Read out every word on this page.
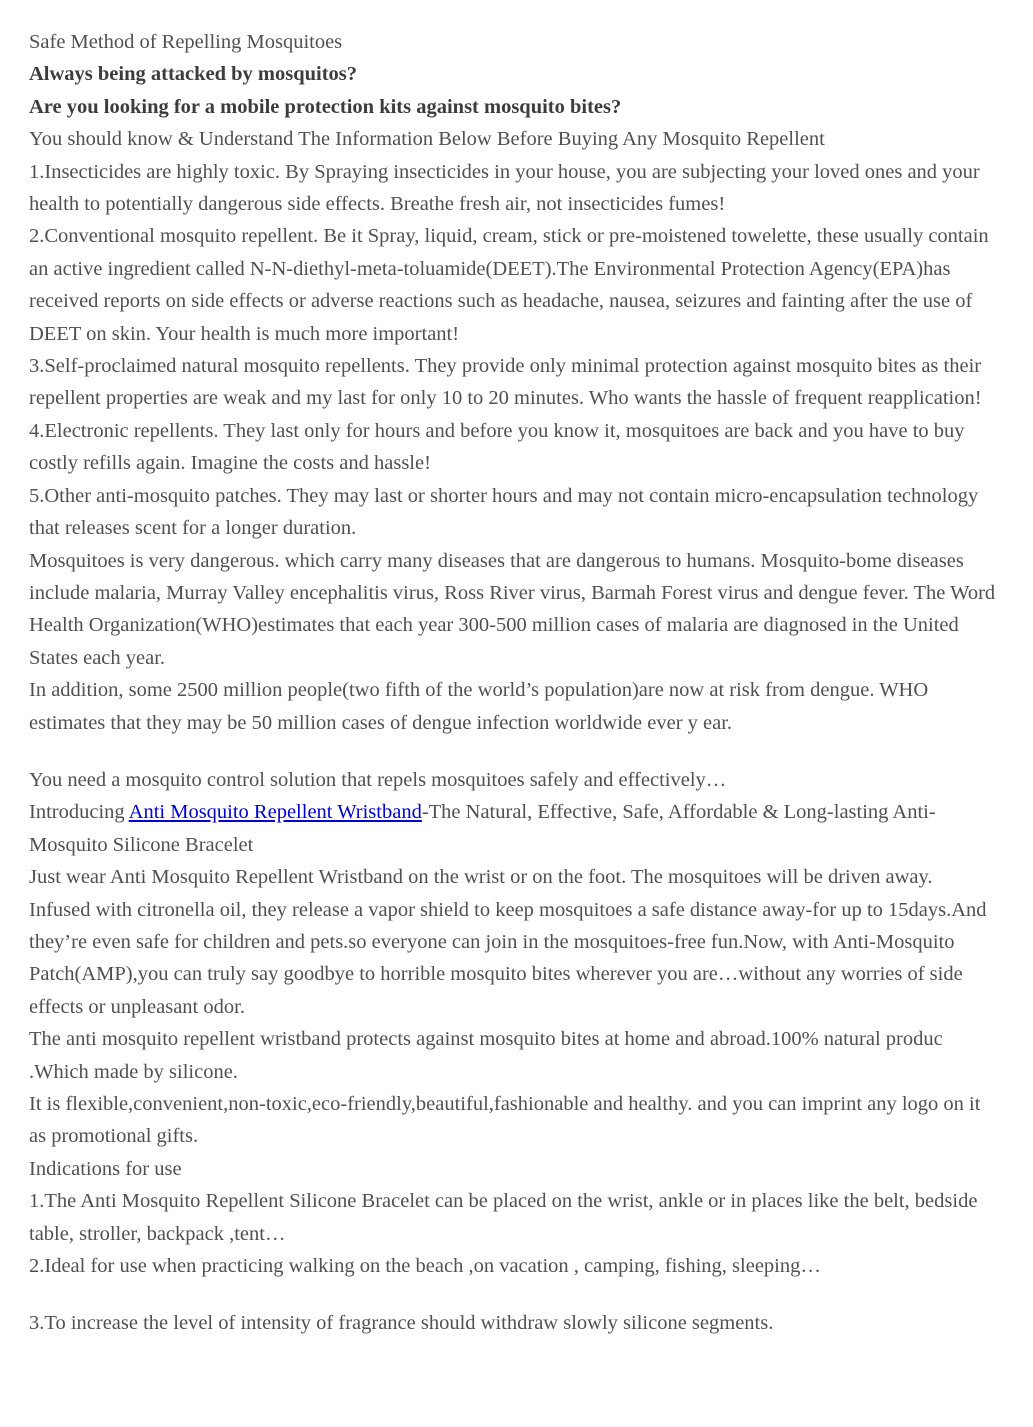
Safe Method of Repelling Mosquitoes

Always being attacked by mosquitos?

Are you looking for a mobile protection kits against mosquito bites?

You should know & Understand The Information Below Before Buying Any Mosquito Repellent

1.Insecticides are highly toxic. By Spraying insecticides in your house, you are subjecting your loved ones and your health to potentially dangerous side effects. Breathe fresh air, not insecticides fumes!

2.Conventional mosquito repellent. Be it Spray, liquid, cream, stick or pre-moistened towelette, these usually contain an active ingredient called N-N-diethyl-meta-toluamide(DEET).The Environmental Protection Agency(EPA)has received reports on side effects or adverse reactions such as headache, nausea, seizures and fainting after the use of DEET on skin. Your health is much more important!

3.Self-proclaimed natural mosquito repellents. They provide only minimal protection against mosquito bites as their repellent properties are weak and my last for only 10 to 20 minutes. Who wants the hassle of frequent reapplication!

4.Electronic repellents. They last only for hours and before you know it, mosquitoes are back and you have to buy costly refills again. Imagine the costs and hassle!

5.Other anti-mosquito patches. They may last or shorter hours and may not contain micro-encapsulation technology that releases scent for a longer duration.

Mosquitoes is very dangerous. which carry many diseases that are dangerous to humans. Mosquito-bome diseases include malaria, Murray Valley encephalitis virus, Ross River virus, Barmah Forest virus and dengue fever. The Word Health Organization(WHO)estimates that each year 300-500 million cases of malaria are diagnosed in the United States each year.

In addition, some 2500 million people(two fifth of the world’s population)are now at risk from dengue. WHO estimates that they may be 50 million cases of dengue infection worldwide ever y ear.

You need a mosquito control solution that repels mosquitoes safely and effectively…

Introducing Anti Mosquito Repellent Wristband-The Natural, Effective, Safe, Affordable & Long-lasting Anti-Mosquito Silicone Bracelet

Just wear Anti Mosquito Repellent Wristband on the wrist or on the foot. The mosquitoes will be driven away. Infused with citronella oil, they release a vapor shield to keep mosquitoes a safe distance away-for up to 15days.And they’re even safe for children and pets.so everyone can join in the mosquitoes-free fun.Now, with Anti-Mosquito Patch(AMP),you can truly say goodbye to horrible mosquito bites wherever you are…without any worries of side effects or unpleasant odor.

The anti mosquito repellent wristband protects against mosquito bites at home and abroad.100% natural produc .Which made by silicone.

It is flexible,convenient,non-toxic,eco-friendly,beautiful,fashionable and healthy. and you can imprint any logo on it as promotional gifts.

Indications for use

1.The Anti Mosquito Repellent Silicone Bracelet can be placed on the wrist, ankle or in places like the belt, bedside table, stroller, backpack ,tent…

2.Ideal for use when practicing walking on the beach ,on vacation , camping, fishing, sleeping…

3.To increase the level of intensity of fragrance should withdraw slowly silicone segments.
